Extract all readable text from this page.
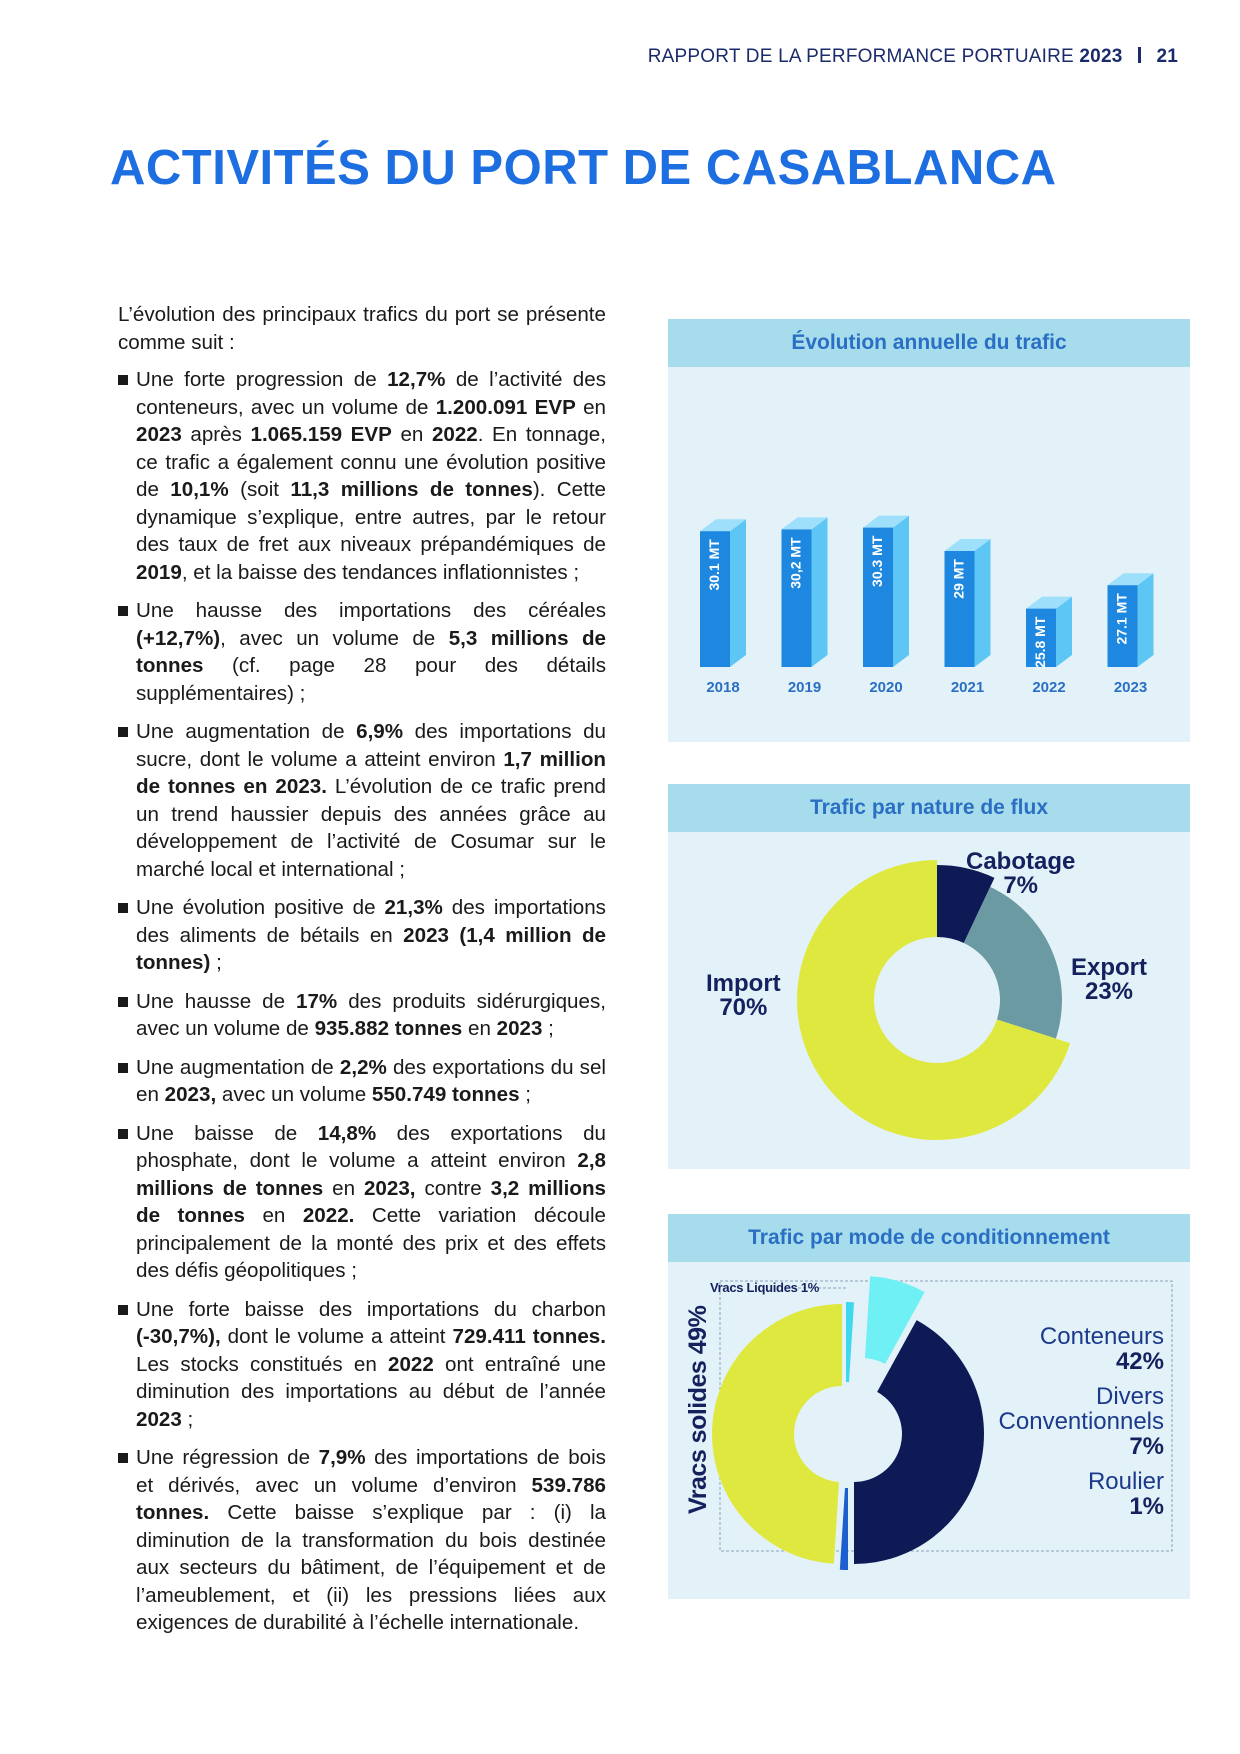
RAPPORT DE LA PERFORMANCE PORTUAIRE 2023 21
ACTIVITÉS DU PORT DE CASABLANCA

L’évolution des principaux trafics du port se présente comme suit :

Une forte progression de 12,7% de l’activité des conteneurs, avec un volume de 1.200.091 EVP en 2023 après 1.065.159 EVP en 2022. En tonnage, ce trafic a également connu une évolution positive de 10,1% (soit 11,3 millions de tonnes). Cette dynamique s’explique, entre autres, par le retour des taux de fret aux niveaux prépandémiques de 2019, et la baisse des tendances inflationnistes ;
Une hausse des importations des céréales (+12,7%), avec un volume de 5,3 millions de tonnes (cf. page 28 pour des détails supplémentaires) ;
Une augmentation de 6,9% des importations du sucre, dont le volume a atteint environ 1,7 million de tonnes en 2023. L’évolution de ce trafic prend un trend haussier depuis des années grâce au développement de l’activité de Cosumar sur le marché local et international ;
Une évolution positive de 21,3% des importations des aliments de bétails en 2023 (1,4 million de tonnes) ;
Une hausse de 17% des produits sidérurgiques, avec un volume de 935.882 tonnes en 2023 ;
Une augmentation de 2,2% des exportations du sel en 2023, avec un volume 550.749 tonnes ;
Une baisse de 14,8% des exportations du phosphate, dont le volume a atteint environ 2,8 millions de tonnes en 2023, contre 3,2 millions de tonnes en 2022. Cette variation découle principalement de la monté des prix et des effets des défis géopolitiques ;
Une forte baisse des importations du charbon (-30,7%), dont le volume a atteint 729.411 tonnes. Les stocks constitués en 2022 ont entraîné une diminution des importations au début de l’année 2023 ;
Une régression de 7,9% des importations de bois et dérivés, avec un volume d’environ 539.786 tonnes. Cette baisse s’explique par : (i) la diminution de la transformation du bois destinée aux secteurs du bâtiment, de l’équipement et de l’ameublement, et (ii) les pressions liées aux exigences de durabilité à l’échelle internationale.
Évolution annuelle du trafic
30.1 MT
2018
30,2 MT
2019
30.3 MT
2020
29 MT
2021
25.8 MT
2022
27.1 MT
2023
Trafic par nature de flux
Cabotage
7%
Export
23%
Import
70%
Trafic par mode de conditionnement
Vracs Liquides 1%
Vracs solides 49%	Conteneurs
42%
Divers Conventionnels
7%
Roulier
1%
